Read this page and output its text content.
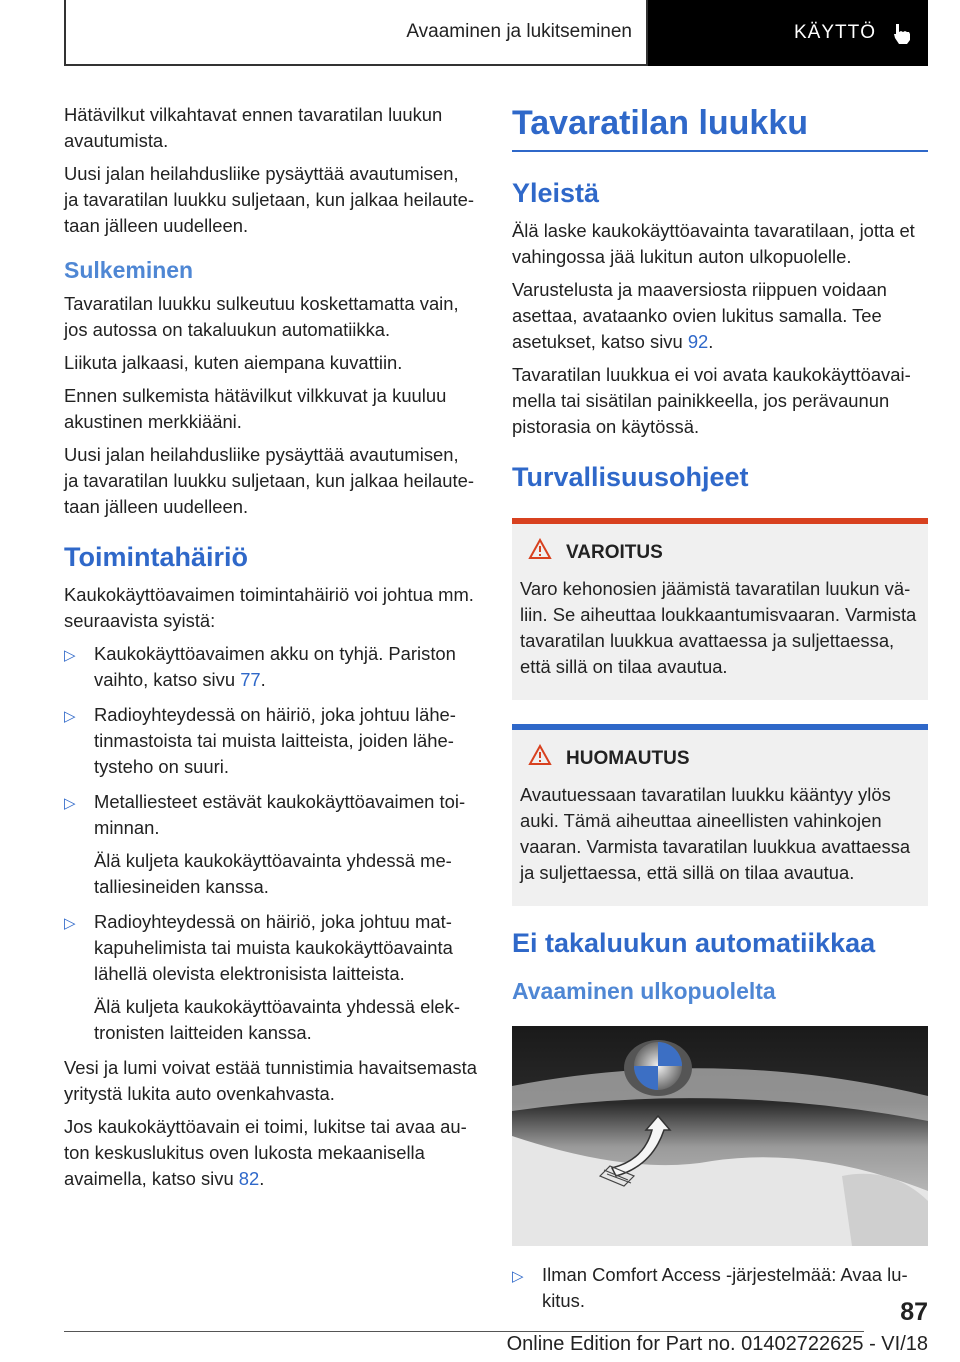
Avaaminen ja lukitseminen	KÄYTTÖ

Hätävilkut vilkahtavat ennen tavaratilan luukun avautumista.

Uusi jalan heilahdusliike pysäyttää avautumisen, ja tavaratilan luukku suljetaan, kun jalkaa heilautetaan jälleen uudelleen.

Sulkeminen

Tavaratilan luukku sulkeutuu koskettamatta vain, jos autossa on takaluukun automatiikka.

Liikuta jalkaasi, kuten aiempana kuvattiin.

Ennen sulkemista hätävilkut vilkkuvat ja kuuluu akustinen merkkiääni.

Uusi jalan heilahdusliike pysäyttää avautumisen, ja tavaratilan luukku suljetaan, kun jalkaa heilautetaan jälleen uudelleen.

Toimintahäiriö

Kaukokäyttöavaimen toimintahäiriö voi johtua mm. seuraavista syistä:

▷ Kaukokäyttöavaimen akku on tyhjä. Pariston vaihto, katso sivu 77.
▷ Radioyhteydessä on häiriö, joka johtuu lähetinmastoista tai muista laitteista, joiden lähetysteho on suuri.
▷ Metalliesteet estävät kaukokäyttöavaimen toiminnan.

Älä kuljeta kaukokäyttöavainta yhdessä metalliesineiden kanssa.

▷ Radioyhteydessä on häiriö, joka johtuu matkapuhelimista tai muista kaukokäyttöavainta lähellä olevista elektronisista laitteista.

Älä kuljeta kaukokäyttöavainta yhdessä elektronisten laitteiden kanssa.

Vesi ja lumi voivat estää tunnistimia havaitsemasta yritystä lukita auto ovenkahvasta.

Jos kaukokäyttöavain ei toimi, lukitse tai avaa auton keskuslukitus oven lukosta mekaanisella avaimella, katso sivu 82.

Tavaratilan luukku
Yleistä

Älä laske kaukokäyttöavainta tavaratilaan, jotta et vahingossa jää lukitun auton ulkopuolelle.

Varustelusta ja maaversiosta riippuen voidaan asettaa, avataanko ovien lukitus samalla. Tee asetukset, katso sivu 92.

Tavaratilan luukkua ei voi avata kaukokäyttöavaimella tai sisätilan painikkeella, jos perävaunun pistorasia on käytössä.

Turvallisuusohjeet
VAROITUS

Varo kehonosien jäämistä tavaratilan luukun väliin. Se aiheuttaa loukkaantumisvaaran. Varmista tavaratilan luukkua avattaessa ja suljettaessa, että sillä on tilaa avautua.

HUOMAUTUS

Avautuessaan tavaratilan luukku kääntyy ylös auki. Tämä aiheuttaa aineellisten vahinkojen vaaran. Varmista tavaratilan luukkua avattaessa ja suljettaessa, että sillä on tilaa avautua.

Ei takaluukun automatiikkaa
Avaaminen ulkopuolelta
▷ Ilman Comfort Access -järjestelmää: Avaa lukitus.	87
Online Edition for Part no. 01402722625 - VI/18
